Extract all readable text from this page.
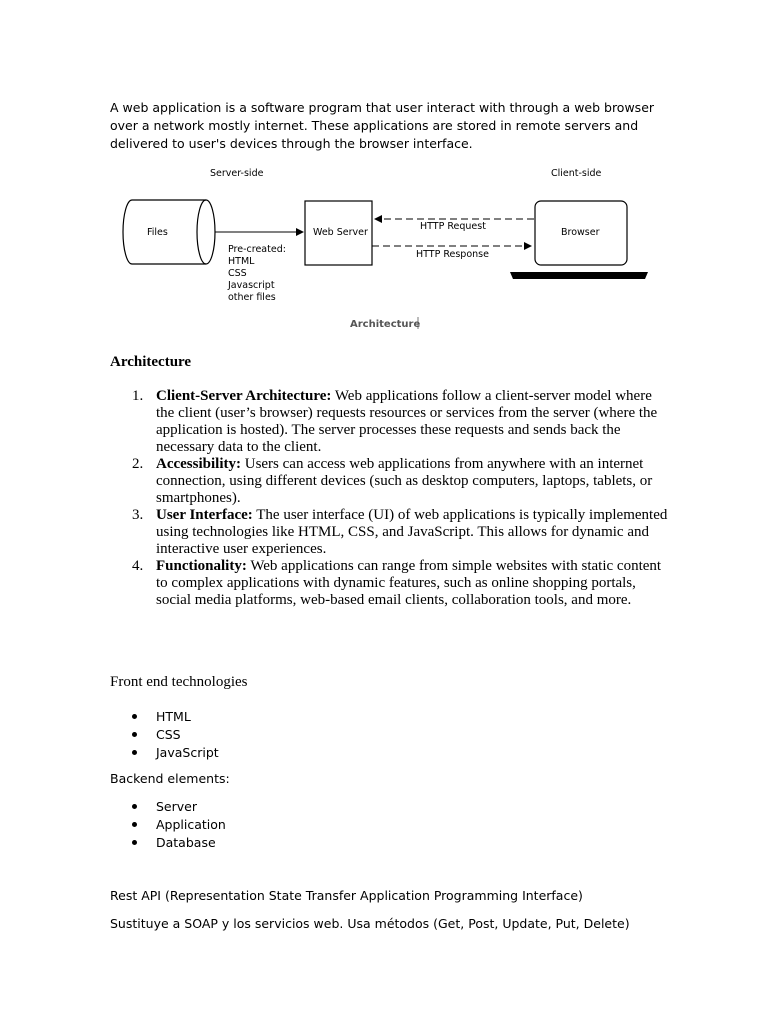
A web application is a software program that user interact with through a web browser over a network mostly internet. These applications are stored in remote servers and delivered to user's devices through the browser interface.

Server-side	Client-side
Files
Pre-created:
HTML
CSS
Javascript
other files
Web Server
HTTP Request
HTTP Response
Browser
Architecture
Architecture
1. Client-Server Architecture: Web applications follow a client-server model where the client (user’s browser) requests resources or services from the server (where the application is hosted). The server processes these requests and sends back the necessary data to the client.
2. Accessibility: Users can access web applications from anywhere with an internet connection, using different devices (such as desktop computers, laptops, tablets, or smartphones).
3. User Interface: The user interface (UI) of web applications is typically implemented using technologies like HTML, CSS, and JavaScript. This allows for dynamic and interactive user experiences.
4. Functionality: Web applications can range from simple websites with static content to complex applications with dynamic features, such as online shopping portals, social media platforms, web-based email clients, collaboration tools, and more.
Front end technologies
HTML
CSS
JavaScript
Backend elements:
Server
Application
Database
Rest API (Representation State Transfer Application Programming Interface)
Sustituye a SOAP y los servicios web. Usa métodos (Get, Post, Update, Put, Delete)
